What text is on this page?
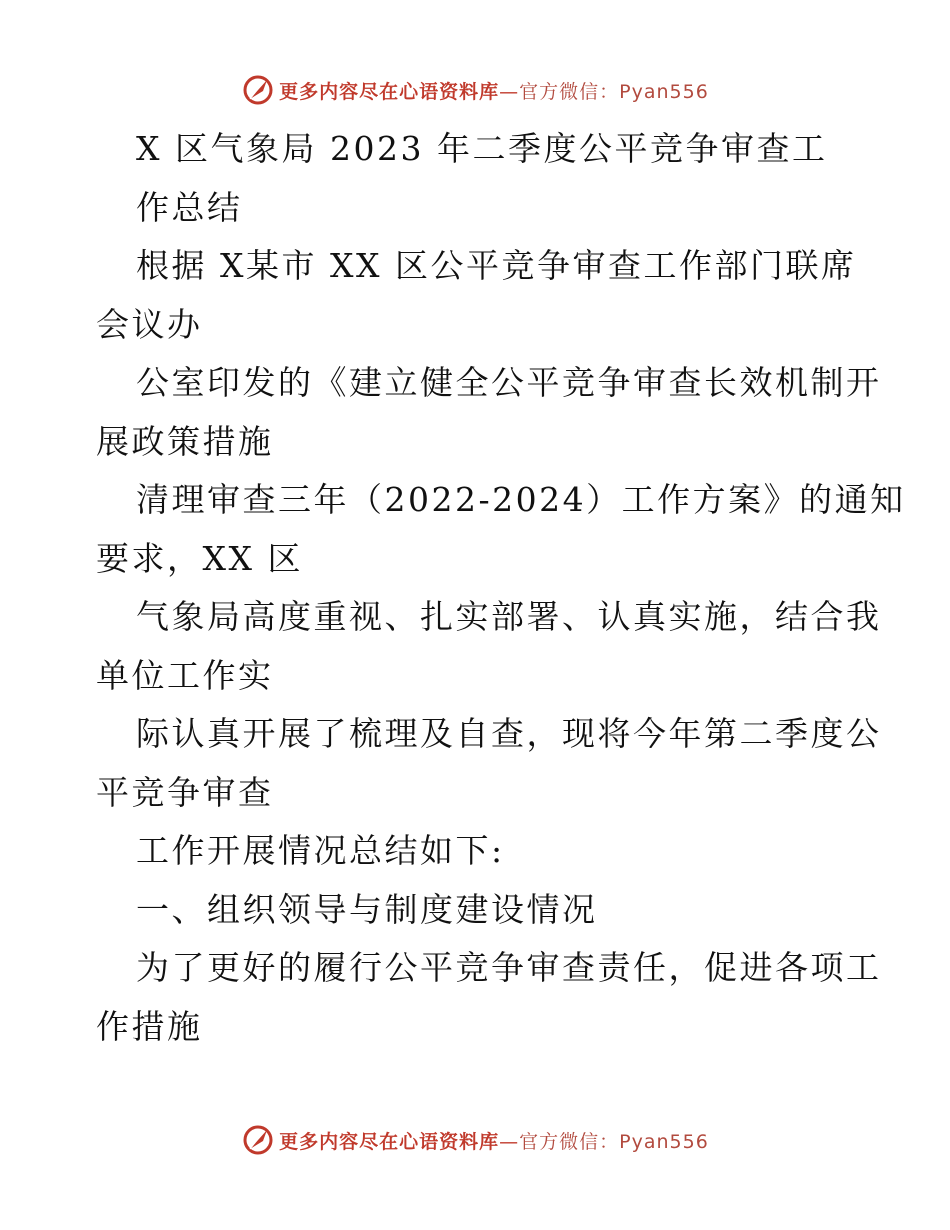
更多内容尽在心语资料库—官方微信：Pyan556
X 区气象局 2023 年二季度公平竞争审查工
作总结
根据 X某市 XX 区公平竞争审查工作部门联席
会议办
公室印发的《建立健全公平竞争审查长效机制开
展政策措施
清理审查三年（2022-2024）工作方案》的通知
要求，XX 区
气象局高度重视、扎实部署、认真实施，结合我
单位工作实
际认真开展了梳理及自查，现将今年第二季度公
平竞争审查
工作开展情况总结如下:
一、组织领导与制度建设情况
为了更好的履行公平竞争审查责任，促进各项工
作措施
更多内容尽在心语资料库—官方微信：Pyan556
